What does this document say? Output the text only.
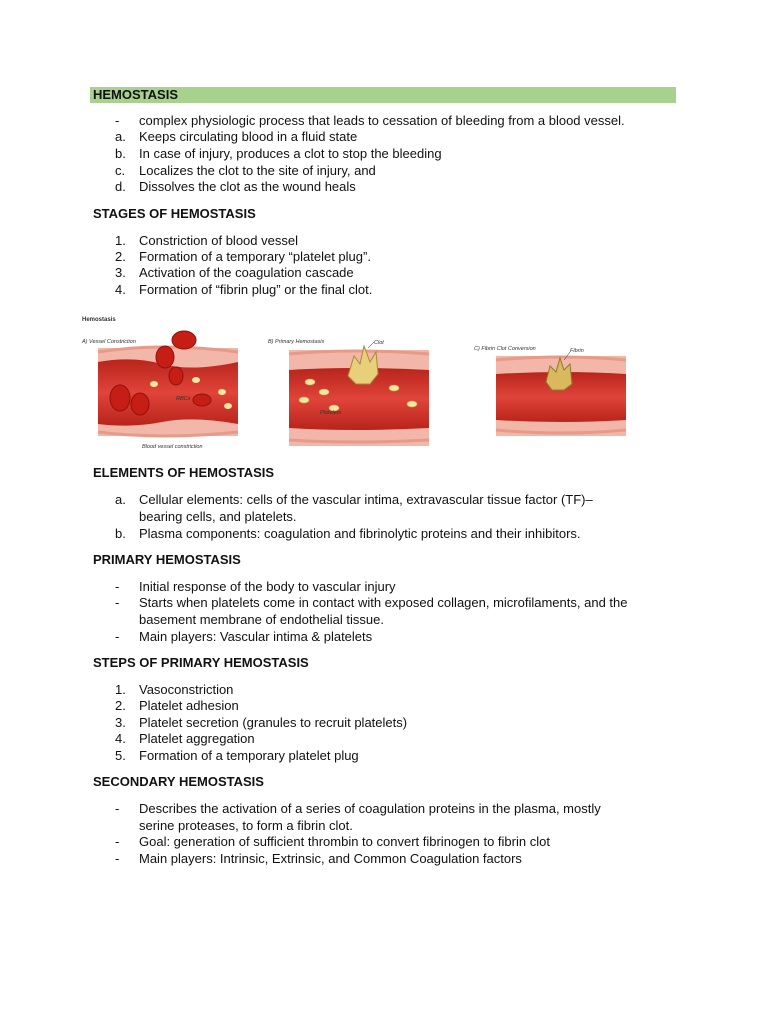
HEMOSTASIS
-	complex physiologic process that leads to cessation of bleeding from a blood vessel.
a.	Keeps circulating blood in a fluid state
b.	In case of injury, produces a clot to stop the bleeding
c.	Localizes the clot to the site of injury, and
d.	Dissolves the clot as the wound heals
STAGES OF HEMOSTASIS
1.	Constriction of blood vessel
2.	Formation of a temporary “platelet plug”.
3.	Activation of the coagulation cascade
4.	Formation of “fibrin plug” or the final clot.
Hemostasis
A) Vessel Constriction
RBCs
Blood vessel constriction
B) Primary Hemostasis	Clot
Platelets
C) Fibrin Clot Conversion	Fibrin
ELEMENTS OF HEMOSTASIS
a.	Cellular elements: cells of the vascular intima, extravascular tissue factor (TF)–
bearing cells, and platelets.
b.	Plasma components: coagulation and fibrinolytic proteins and their inhibitors.
PRIMARY HEMOSTASIS
-	Initial response of the body to vascular injury
-	Starts when platelets come in contact with exposed collagen, microfilaments, and the
basement membrane of endothelial tissue.
-	Main players: Vascular intima & platelets
STEPS OF PRIMARY HEMOSTASIS
1.	Vasoconstriction
2.	Platelet adhesion
3.	Platelet secretion (granules to recruit platelets)
4.	Platelet aggregation
5.	Formation of a temporary platelet plug
SECONDARY HEMOSTASIS
-	Describes the activation of a series of coagulation proteins in the plasma, mostly
serine proteases, to form a fibrin clot.
-	Goal: generation of sufficient thrombin to convert fibrinogen to fibrin clot
-	Main players: Intrinsic, Extrinsic, and Common Coagulation factors
